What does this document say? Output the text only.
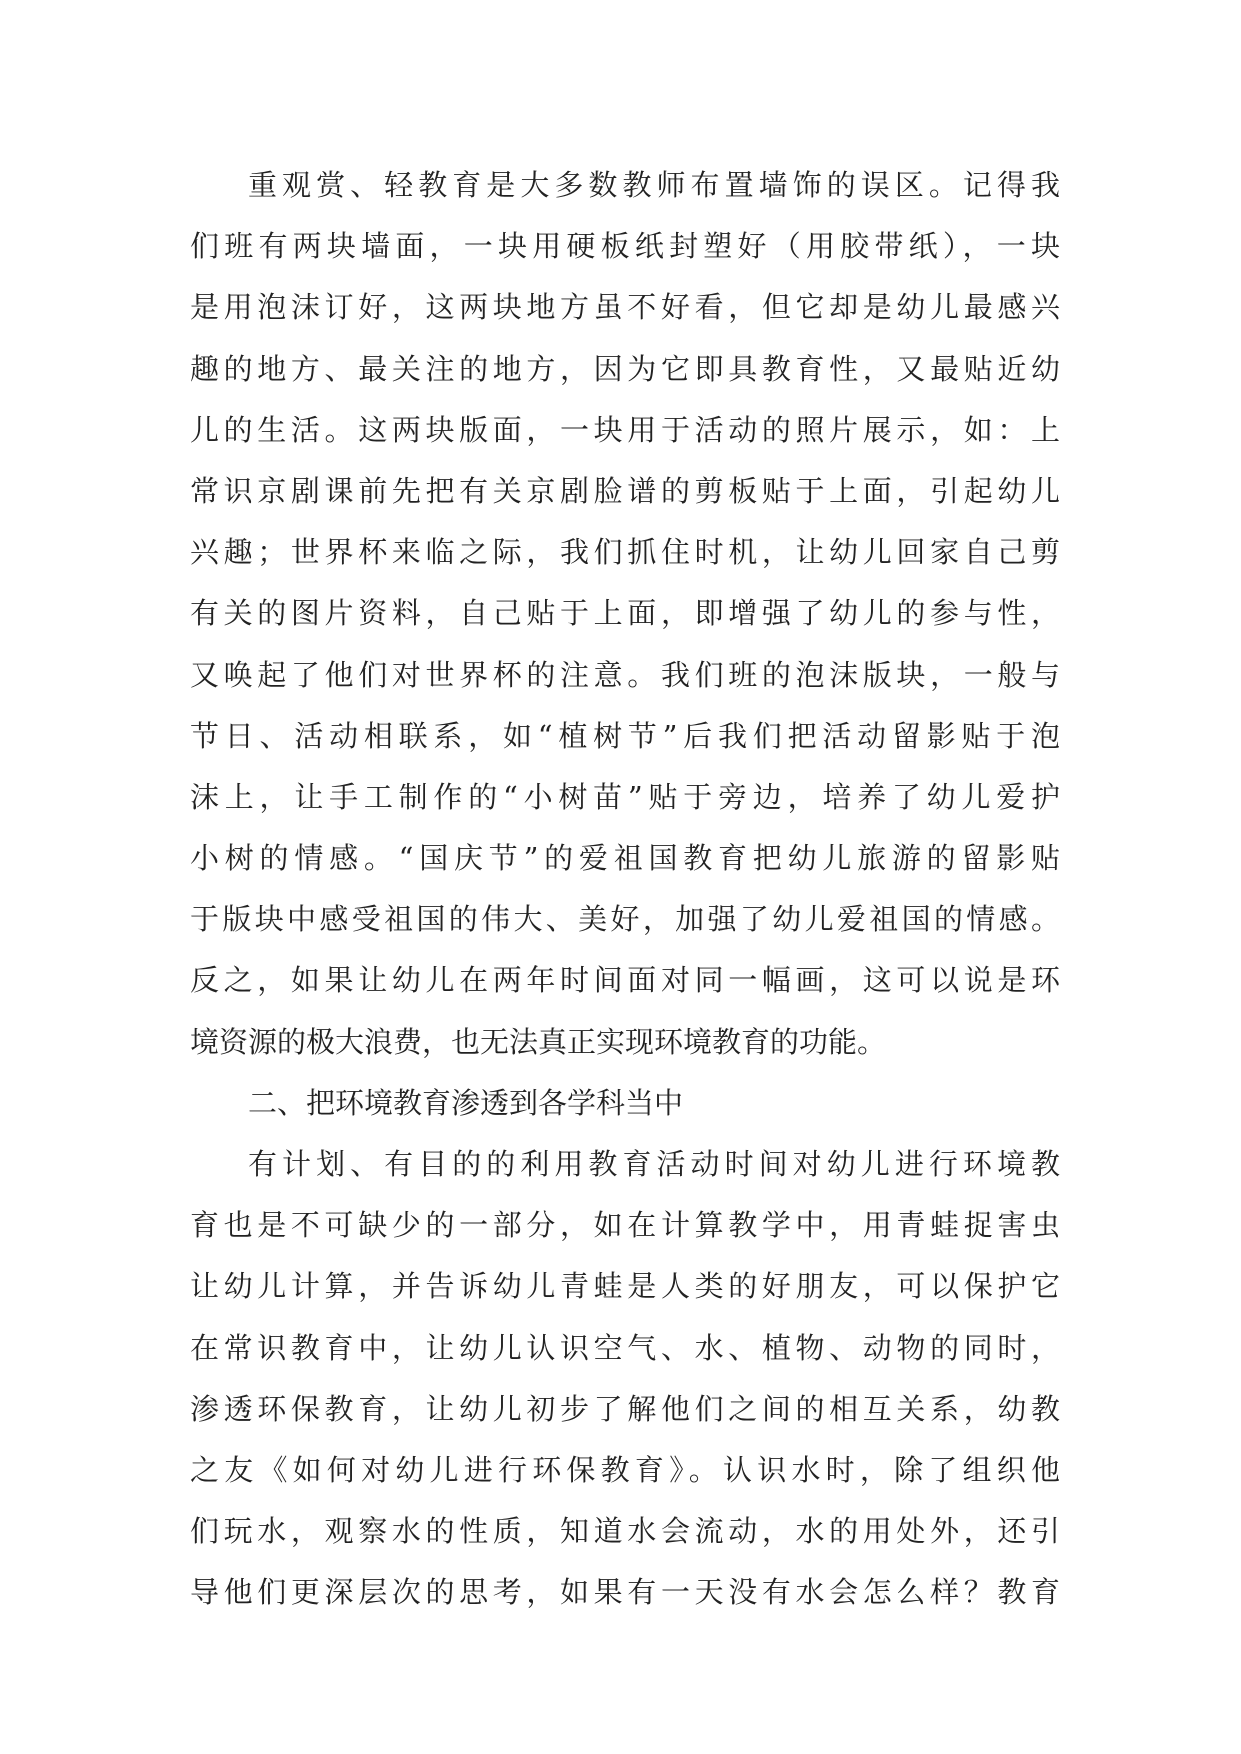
重观赏、轻教育是大多数教师布置墙饰的误区。记得我
们班有两块墙面，一块用硬板纸封塑好（用胶带纸），一块
是用泡沫订好，这两块地方虽不好看，但它却是幼儿最感兴
趣的地方、最关注的地方，因为它即具教育性，又最贴近幼
儿的生活。这两块版面，一块用于活动的照片展示，如：上
常识京剧课前先把有关京剧脸谱的剪板贴于上面，引起幼儿
兴趣；世界杯来临之际，我们抓住时机，让幼儿回家自己剪
有关的图片资料，自己贴于上面，即增强了幼儿的参与性，
又唤起了他们对世界杯的注意。我们班的泡沫版块，一般与
节日、活动相联系，如“植树节”后我们把活动留影贴于泡
沫上，让手工制作的“小树苗”贴于旁边，培养了幼儿爱护
小树的情感。“国庆节”的爱祖国教育把幼儿旅游的留影贴
于版块中感受祖国的伟大、美好，加强了幼儿爱祖国的情感。
反之，如果让幼儿在两年时间面对同一幅画，这可以说是环
境资源的极大浪费，也无法真正实现环境教育的功能。
二、把环境教育渗透到各学科当中
有计划、有目的的利用教育活动时间对幼儿进行环境教
育也是不可缺少的一部分，如在计算教学中，用青蛙捉害虫
让幼儿计算，并告诉幼儿青蛙是人类的好朋友，可以保护它
在常识教育中，让幼儿认识空气、水、植物、动物的同时，
渗透环保教育，让幼儿初步了解他们之间的相互关系，幼教
之友《如何对幼儿进行环保教育》。认识水时，除了组织他
们玩水，观察水的性质，知道水会流动，水的用处外，还引
导他们更深层次的思考，如果有一天没有水会怎么样？教育
